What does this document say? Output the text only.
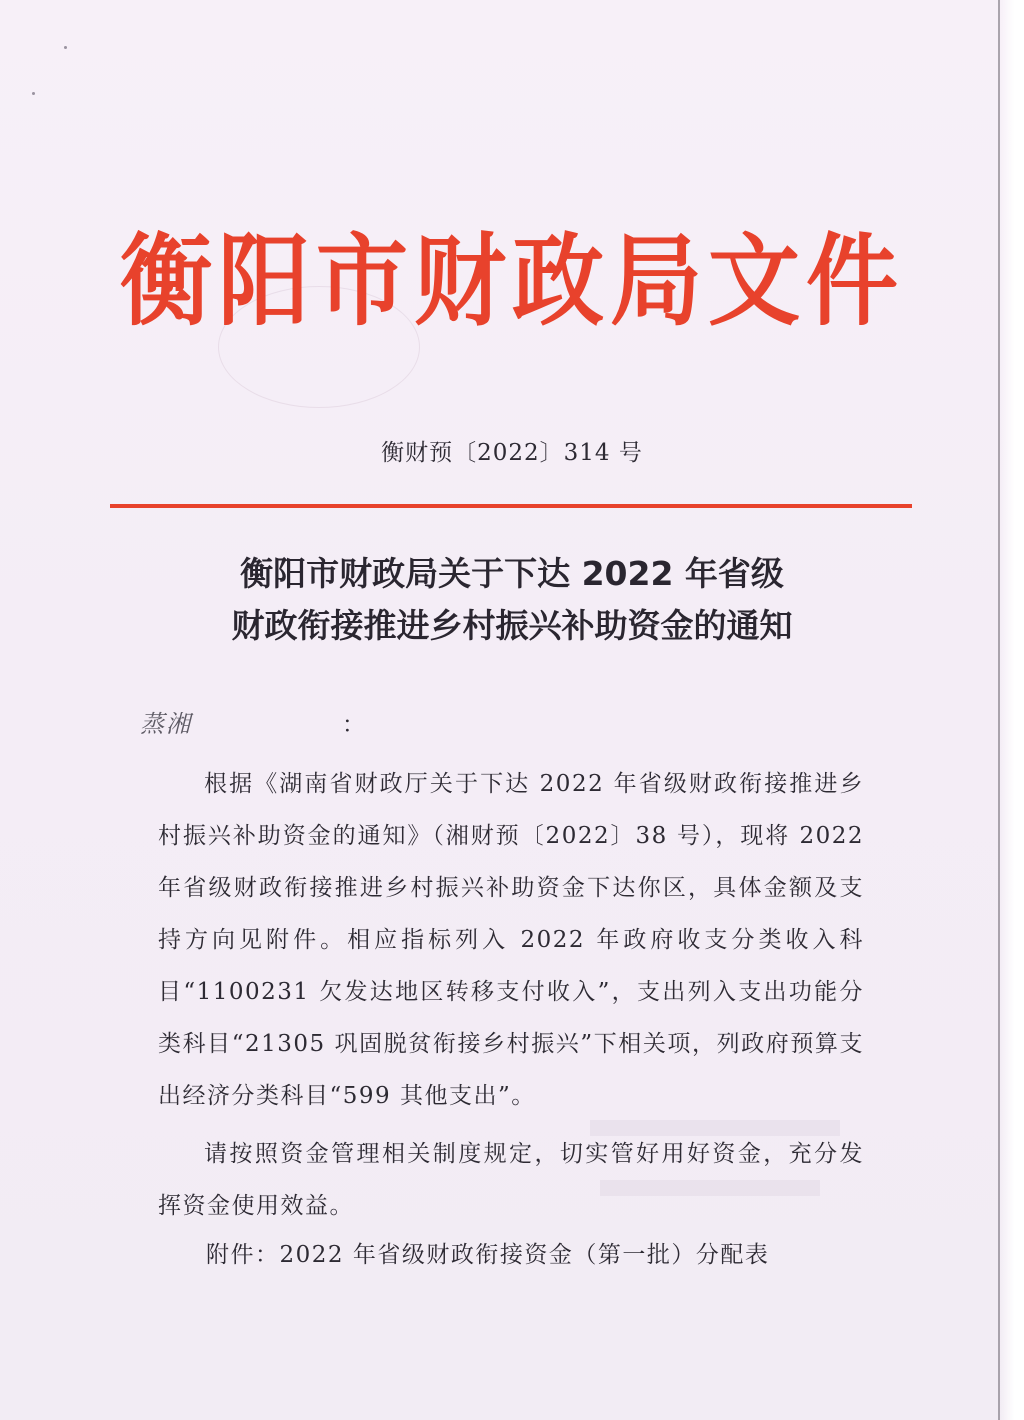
衡阳市财政局文件
衡财预〔2022〕314 号
衡阳市财政局关于下达 2022 年省级
财政衔接推进乡村振兴补助资金的通知
蒸湘	：

根据《湖南省财政厅关于下达 2022 年省级财政衔接推进乡村振兴补助资金的通知》（湘财预〔2022〕38 号），现将 2022 年省级财政衔接推进乡村振兴补助资金下达你区，具体金额及支持方向见附件。相应指标列入 2022 年政府收支分类收入科目“1100231 欠发达地区转移支付收入”，支出列入支出功能分类科目“21305 巩固脱贫衔接乡村振兴”下相关项，列政府预算支出经济分类科目“599 其他支出”。

请按照资金管理相关制度规定，切实管好用好资金，充分发挥资金使用效益。

附件：2022 年省级财政衔接资金（第一批）分配表
